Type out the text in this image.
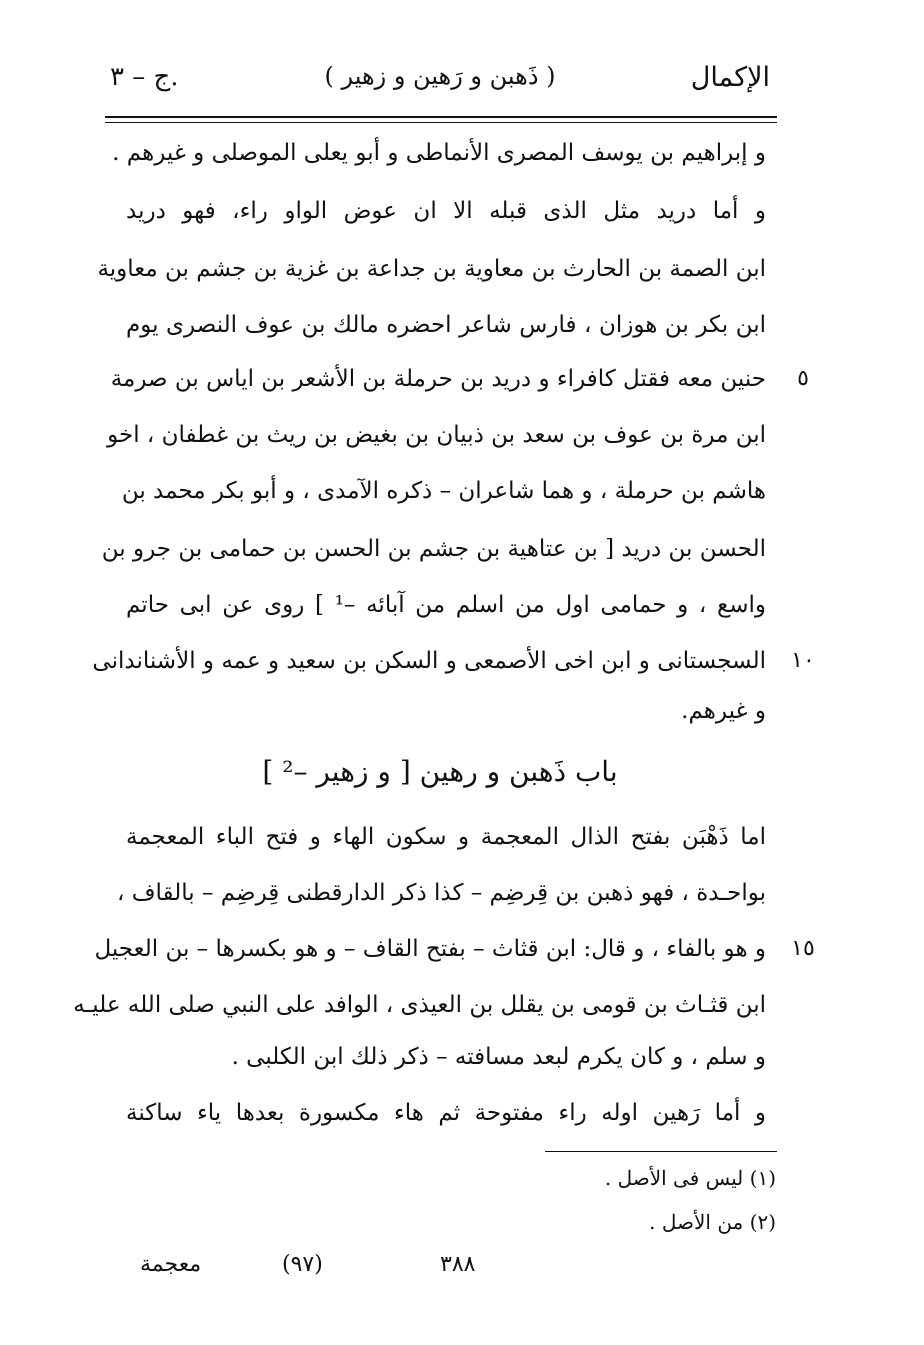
الإكمال
( ذَهبن و رَهين و زهير )
ج – ٣.
و إبراهيم بن يوسف المصرى الأنماطى و أبو يعلى الموصلى و غيرهم .
و أما دريد مثل الذى قبله الا ان عوض الواو راء، فهو دريد
ابن الصمة بن الحارث بن معاوية بن جداعة بن غزية بن جشم بن معاوية
ابن بكر بن هوزان ، فارس شاعر احضره مالك بن عوف النصرى يوم
حنين معه فقتل كافراء و دريد بن حرملة بن الأشعر بن اياس بن صرمة	٥
ابن مرة بن عوف بن سعد بن ذبيان بن بغيض بن ريث بن غطفان ، اخو
هاشم بن حرملة ، و هما شاعران – ذكره الآمدى ، و أبو بكر محمد بن
الحسن بن دريد [ بن عتاهية بن جشم بن الحسن بن حمامى بن جرو بن
واسع ، و حمامى اول من اسلم من آبائه –¹ ] روى عن ابى حاتم
السجستانى و ابن اخى الأصمعى و السكن بن سعيد و عمه و الأشناندانى ١٠
و غيرهم.
باب ذَهبن و رهين [ و زهير –² ]
اما ذَهْبَن بفتح الذال المعجمة و سكون الهاء و فتح الباء المعجمة
بواحـدة ، فهو ذهبن بن قِرضِم – كذا ذكر الدارقطنى قِرضِم – بالقاف ،
و هو بالفاء ، و قال: ابن قثاث – بفتح القاف – و هو بكسرها – بن العجيل ١٥
ابن قثـاث بن قومى بن يقلل بن العيذى ، الوافد على النبي صلى الله عليـه
و سلم ، و كان يكرم لبعد مسافته – ذكر ذلك ابن الكلبى .
و أما رَهين اوله راء مفتوحة ثم هاء مكسورة بعدها ياء ساكنة
(١) ليس فى الأصل .
(٢) من الأصل .
معجمة	(٩٧)	٣٨٨
